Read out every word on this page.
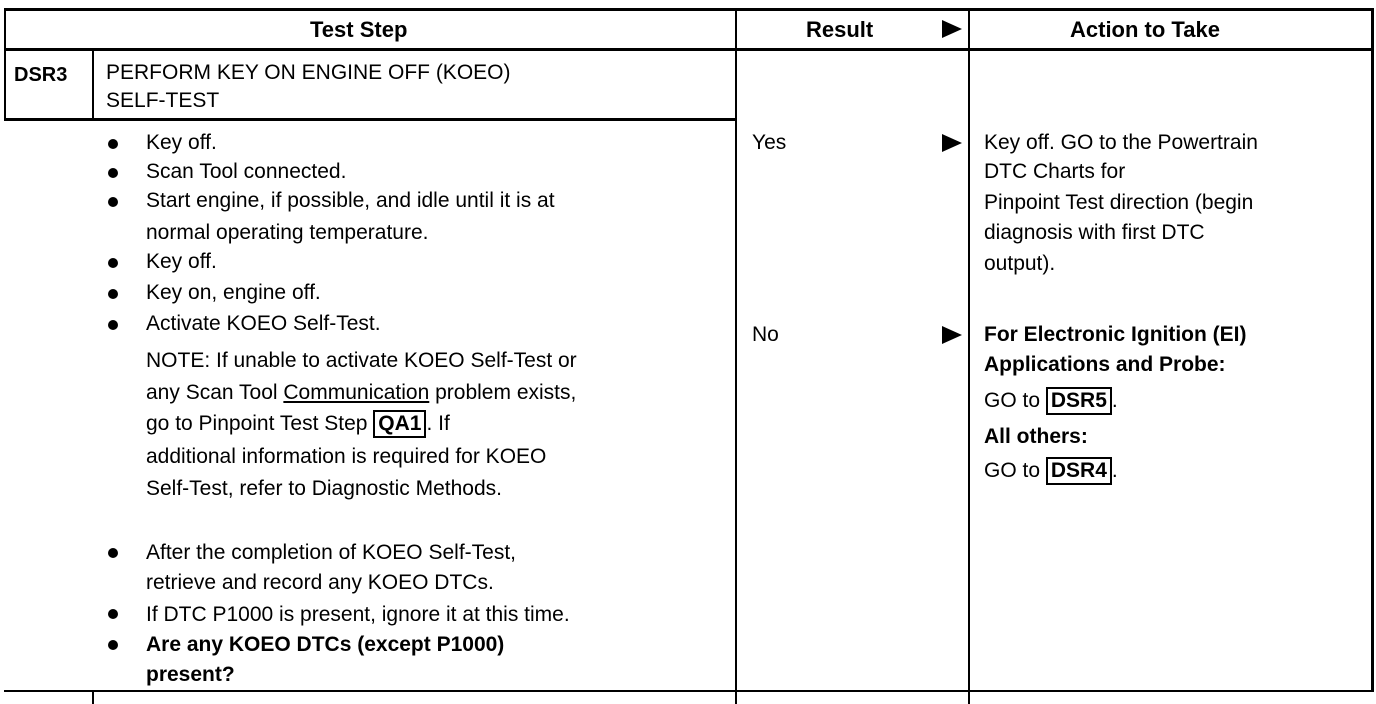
Test Step	Result	Action to Take
DSR3 PERFORM KEY ON ENGINE OFF (KOEO)
SELF-TEST
Key off.
Scan Tool connected.
Start engine, if possible, and idle until it is at
normal operating temperature.
Key off.
Key on, engine off.
Activate KOEO Self-Test.
NOTE: If unable to activate KOEO Self-Test or
any Scan Tool Communication problem exists,
go to Pinpoint Test Step QA1 . If
additional information is required for KOEO
Self-Test, refer to Diagnostic Methods.
After the completion of KOEO Self-Test,
retrieve and record any KOEO DTCs.
If DTC P1000 is present, ignore it at this time.
Are any KOEO DTCs (except P1000)
present?
Yes
No
Key off. GO to the Powertrain
DTC Charts for
Pinpoint Test direction (begin
diagnosis with first DTC
output).
For Electronic Ignition (EI)
Applications and Probe:
GO to DSR5 .
All others:
GO to DSR4 .
